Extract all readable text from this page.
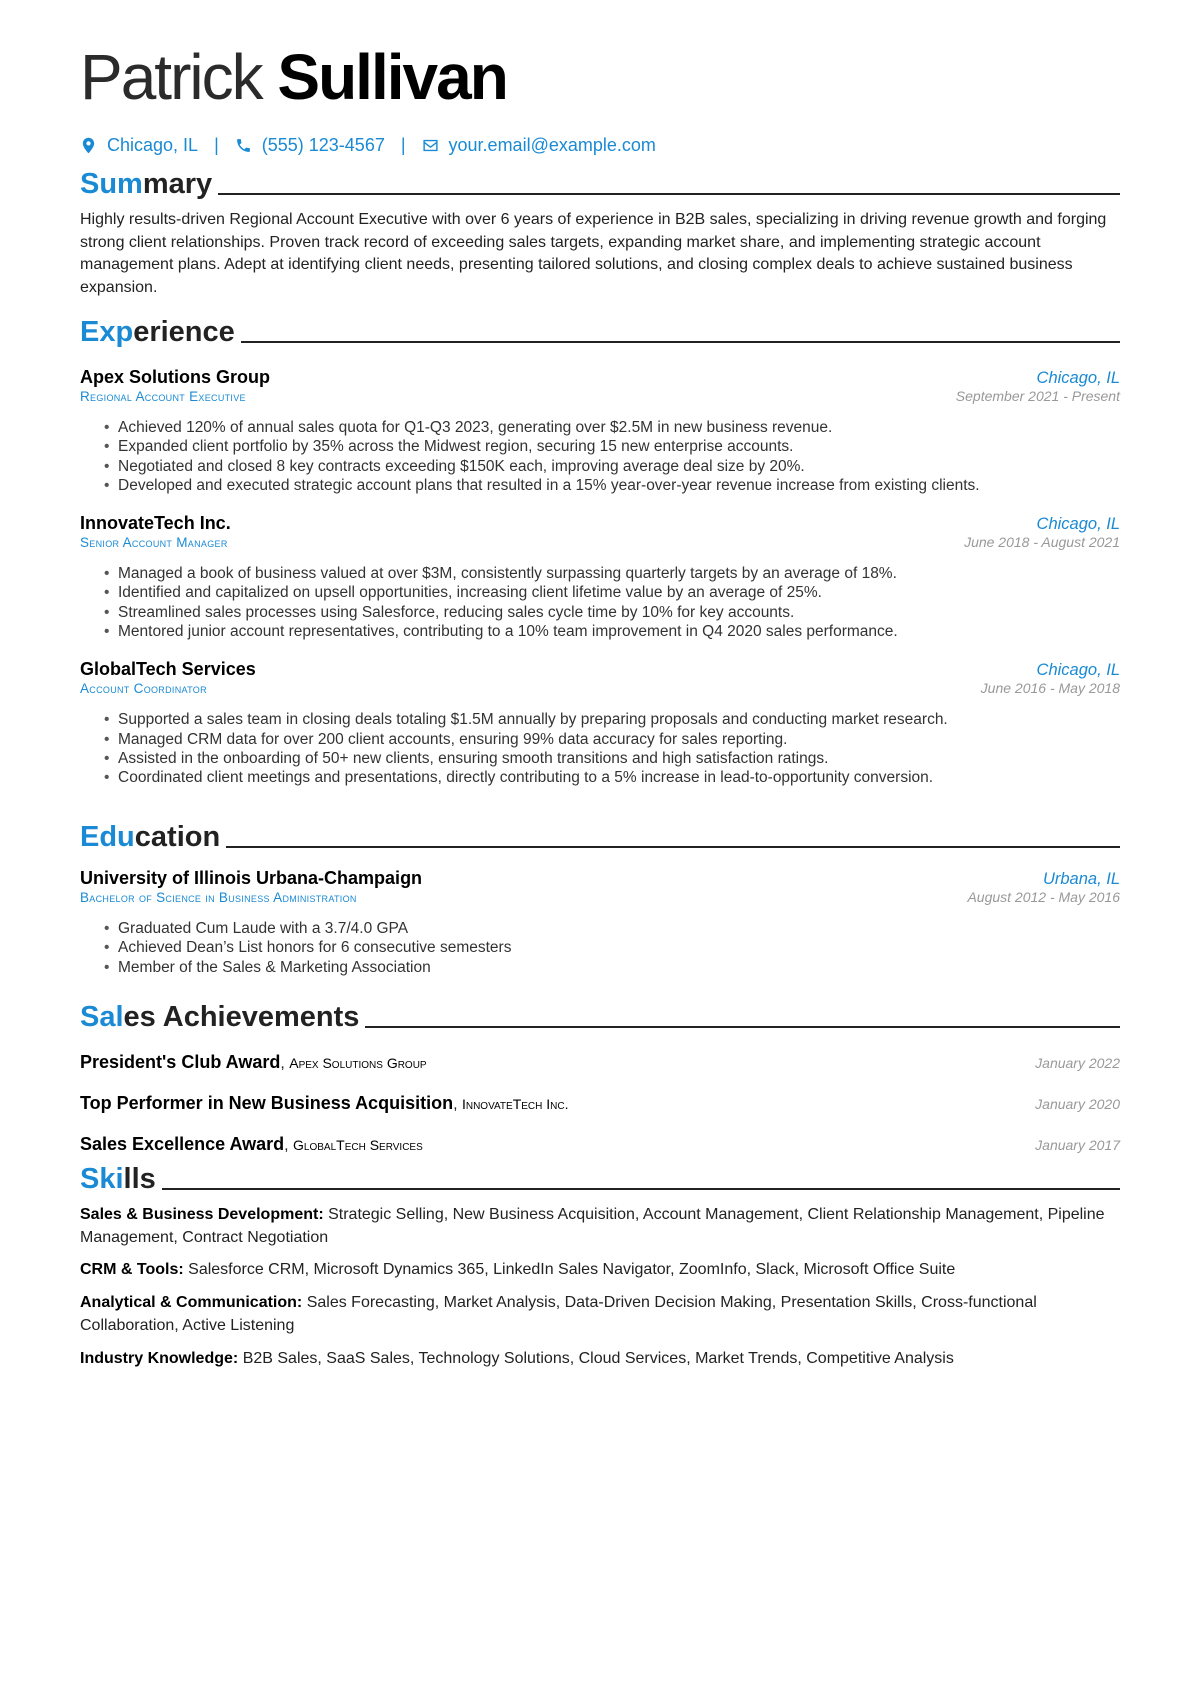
Patrick Sullivan
Chicago, IL | (555) 123-4567 | your.email@example.com
Sum mary

Highly results-driven Regional Account Executive with over 6 years of experience in B2B sales, specializing in driving revenue growth and forging strong client relationships. Proven track record of exceeding sales targets, expanding market share, and implementing strategic account management plans. Adept at identifying client needs, presenting tailored solutions, and closing complex deals to achieve sustained business expansion.

Exp erience
Apex Solutions Group	Chicago, IL
Regional Account Executive	September 2021 - Present
• Achieved 120% of annual sales quota for Q1-Q3 2023, generating over $2.5M in new business revenue.
• Expanded client portfolio by 35% across the Midwest region, securing 15 new enterprise accounts.
• Negotiated and closed 8 key contracts exceeding $150K each, improving average deal size by 20%.
• Developed and executed strategic account plans that resulted in a 15% year-over-year revenue increase from existing clients.
InnovateTech Inc.	Chicago, IL
Senior Account Manager	June 2018 - August 2021
• Managed a book of business valued at over $3M, consistently surpassing quarterly targets by an average of 18%.
• Identified and capitalized on upsell opportunities, increasing client lifetime value by an average of 25%.
• Streamlined sales processes using Salesforce, reducing sales cycle time by 10% for key accounts.
• Mentored junior account representatives, contributing to a 10% team improvement in Q4 2020 sales performance.
GlobalTech Services	Chicago, IL
Account Coordinator	June 2016 - May 2018
• Supported a sales team in closing deals totaling $1.5M annually by preparing proposals and conducting market research.
• Managed CRM data for over 200 client accounts, ensuring 99% data accuracy for sales reporting.
• Assisted in the onboarding of 50+ new clients, ensuring smooth transitions and high satisfaction ratings.
• Coordinated client meetings and presentations, directly contributing to a 5% increase in lead-to-opportunity conversion.
Edu cation
University of Illinois Urbana-Champaign	Urbana, IL
Bachelor of Science in Business Administration	August 2012 - May 2016
• Graduated Cum Laude with a 3.7/4.0 GPA
• Achieved Dean’s List honors for 6 consecutive semesters
• Member of the Sales & Marketing Association
Sal es Achievements
President's Club Award, Apex Solutions Group	January 2022
Top Performer in New Business Acquisition, InnovateTech Inc.	January 2020
Sales Excellence Award, GlobalTech Services	January 2017
Ski lls

Sales & Business Development: Strategic Selling, New Business Acquisition, Account Management, Client Relationship Management, Pipeline Management, Contract Negotiation

CRM & Tools: Salesforce CRM, Microsoft Dynamics 365, LinkedIn Sales Navigator, ZoomInfo, Slack, Microsoft Office Suite

Analytical & Communication: Sales Forecasting, Market Analysis, Data-Driven Decision Making, Presentation Skills, Cross-functional Collaboration, Active Listening

Industry Knowledge: B2B Sales, SaaS Sales, Technology Solutions, Cloud Services, Market Trends, Competitive Analysis
